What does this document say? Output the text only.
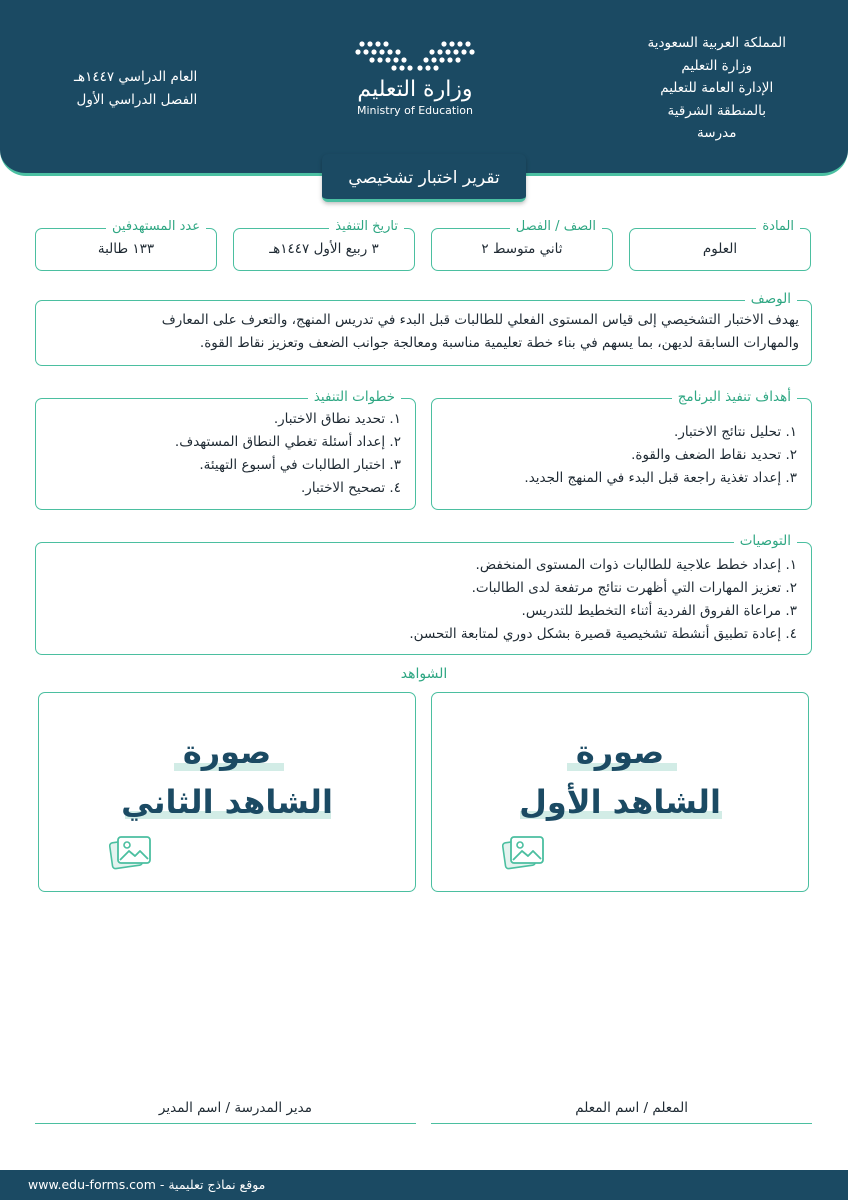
المملكة العربية السعودية
وزارة التعليم
الإدارة العامة للتعليم
بالمنطقة الشرقية
مدرسة
وزارة التعليم
Ministry of Education
العام الدراسي ١٤٤٧هـ
الفصل الدراسي الأول
تقرير اختبار تشخيصي
المادة
العلوم
الصف / الفصل
ثاني متوسط ٢
تاريخ التنفيذ
٣ ربيع الأول ١٤٤٧هـ
عدد المستهدفين
١٣٣ طالبة
الوصف
يهدف الاختبار التشخيصي إلى قياس المستوى الفعلي للطالبات قبل البدء في تدريس المنهج، والتعرف على المعارف
والمهارات السابقة لديهن، بما يسهم في بناء خطة تعليمية مناسبة ومعالجة جوانب الضعف وتعزيز نقاط القوة.
أهداف تنفيذ البرنامج
١. تحليل نتائج الاختبار.
٢. تحديد نقاط الضعف والقوة.
٣. إعداد تغذية راجعة قبل البدء في المنهج الجديد.
خطوات التنفيذ
١. تحديد نطاق الاختبار.
٢. إعداد أسئلة تغطي النطاق المستهدف.
٣. اختبار الطالبات في أسبوع التهيئة.
٤. تصحيح الاختبار.
التوصيات
١. إعداد خطط علاجية للطالبات ذوات المستوى المنخفض.
٢. تعزيز المهارات التي أظهرت نتائج مرتفعة لدى الطالبات.
٣. مراعاة الفروق الفردية أثناء التخطيط للتدريس.
٤. إعادة تطبيق أنشطة تشخيصية قصيرة بشكل دوري لمتابعة التحسن.
الشواهد
صورة
الشاهد الأول
صورة
الشاهد الثاني
المعلم / اسم المعلم
مدير المدرسة / اسم المدير
www.edu-forms.com - موقع نماذج تعليمية
